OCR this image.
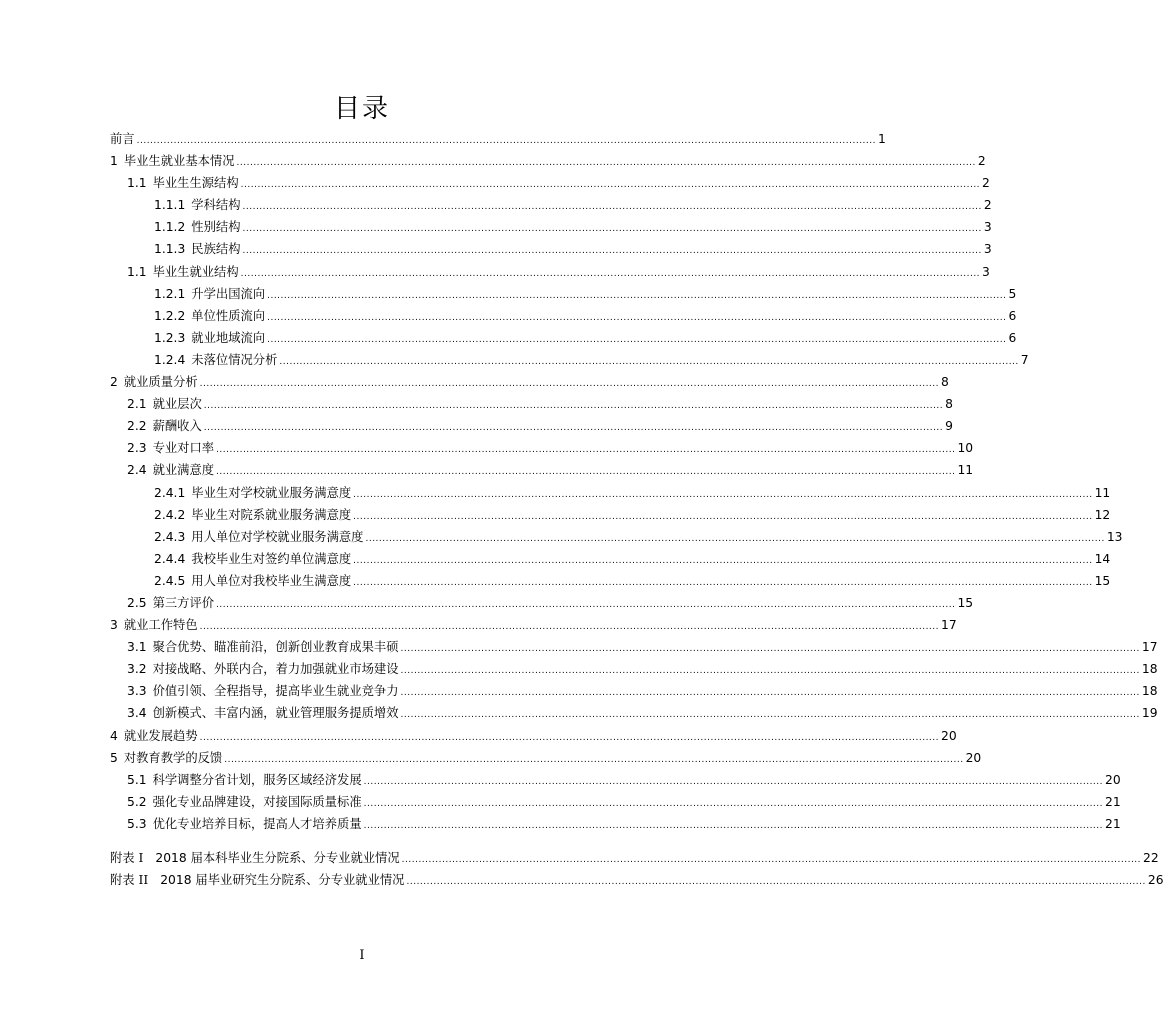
目录
前言 ............................................................................................................................................................................................................................ 1
1 毕业生就业基本情况 ............................................................................................................................................................................................................................ 2
1.1 毕业生生源结构 ............................................................................................................................................................................................................................ 2
1.1.1 学科结构 ............................................................................................................................................................................................................................ 2
1.1.2 性别结构 ............................................................................................................................................................................................................................ 3
1.1.3 民族结构 ............................................................................................................................................................................................................................ 3
1.1 毕业生就业结构 ............................................................................................................................................................................................................................ 3
1.2.1 升学出国流向 ............................................................................................................................................................................................................................ 5
1.2.2 单位性质流向 ............................................................................................................................................................................................................................ 6
1.2.3 就业地域流向 ............................................................................................................................................................................................................................ 6
1.2.4 未落位情况分析 ............................................................................................................................................................................................................................ 7
2 就业质量分析 ............................................................................................................................................................................................................................ 8
2.1 就业层次 ............................................................................................................................................................................................................................ 8
2.2 薪酬收入 ............................................................................................................................................................................................................................ 9
2.3 专业对口率 ............................................................................................................................................................................................................................ 10
2.4 就业满意度 ............................................................................................................................................................................................................................ 11
2.4.1 毕业生对学校就业服务满意度 ............................................................................................................................................................................................................................ 11
2.4.2 毕业生对院系就业服务满意度 ............................................................................................................................................................................................................................ 12
2.4.3 用人单位对学校就业服务满意度 ............................................................................................................................................................................................................................ 13
2.4.4 我校毕业生对签约单位满意度 ............................................................................................................................................................................................................................ 14
2.4.5 用人单位对我校毕业生满意度 ............................................................................................................................................................................................................................ 15
2.5 第三方评价 ............................................................................................................................................................................................................................ 15
3 就业工作特色 ............................................................................................................................................................................................................................ 17
3.1 聚合优势、瞄准前沿，创新创业教育成果丰硕 ............................................................................................................................................................................................................................ 17
3.2 对接战略、外联内合，着力加强就业市场建设 ............................................................................................................................................................................................................................ 18
3.3 价值引领、全程指导，提高毕业生就业竞争力 ............................................................................................................................................................................................................................ 18
3.4 创新模式、丰富内涵，就业管理服务提质增效 ............................................................................................................................................................................................................................ 19
4 就业发展趋势 ............................................................................................................................................................................................................................ 20
5 对教育教学的反馈 ............................................................................................................................................................................................................................ 20
5.1 科学调整分省计划，服务区域经济发展 ............................................................................................................................................................................................................................ 20
5.2 强化专业品牌建设，对接国际质量标准 ............................................................................................................................................................................................................................ 21
5.3 优化专业培养目标，提高人才培养质量 ............................................................................................................................................................................................................................ 21
附表 I 2018 届本科毕业生分院系、分专业就业情况 ............................................................................................................................................................................................................................ 22
附表 II 2018 届毕业研究生分院系、分专业就业情况 ............................................................................................................................................................................................................................ 26
I
